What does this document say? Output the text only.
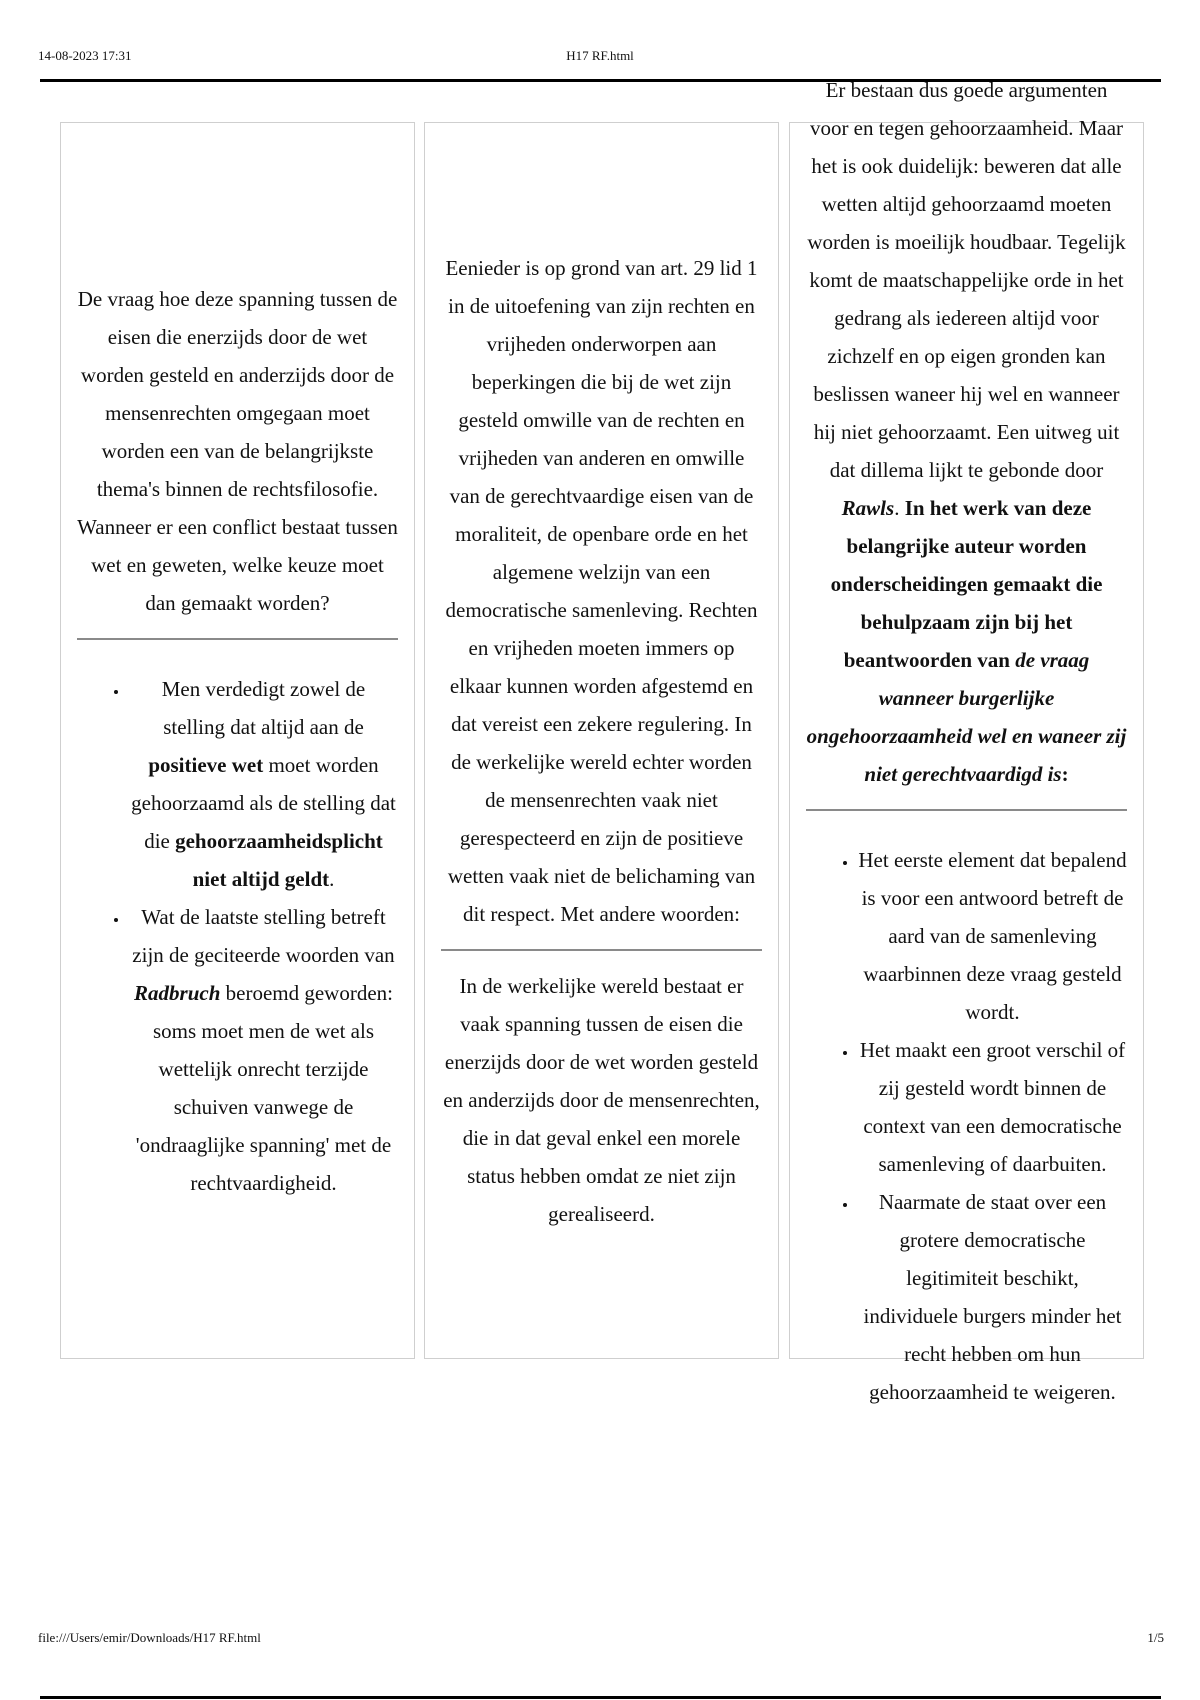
14-08-2023 17:31	H17 RF.html

De vraag hoe deze spanning tussen de eisen die enerzijds door de wet worden gesteld en anderzijds door de mensenrechten omgegaan moet worden een van de belangrijkste thema's binnen de rechtsfilosofie. Wanneer er een conflict bestaat tussen wet en geweten, welke keuze moet dan gemaakt worden?

• Men verdedigt zowel de stelling dat altijd aan de positieve wet moet worden gehoorzaamd als de stelling dat die gehoorzaamheidsplicht niet altijd geldt.
• Wat de laatste stelling betreft zijn de geciteerde woorden van Radbruch beroemd geworden: soms moet men de wet als wettelijk onrecht terzijde schuiven vanwege de 'ondraaglijke spanning' met de rechtvaardigheid.

Eenieder is op grond van art. 29 lid 1 in de uitoefening van zijn rechten en vrijheden onderworpen aan beperkingen die bij de wet zijn gesteld omwille van de rechten en vrijheden van anderen en omwille van de gerechtvaardige eisen van de moraliteit, de openbare orde en het algemene welzijn van een democratische samenleving. Rechten en vrijheden moeten immers op elkaar kunnen worden afgestemd en dat vereist een zekere regulering. In de werkelijke wereld echter worden de mensenrechten vaak niet gerespecteerd en zijn de positieve wetten vaak niet de belichaming van dit respect. Met andere woorden:

In de werkelijke wereld bestaat er vaak spanning tussen de eisen die enerzijds door de wet worden gesteld en anderzijds door de mensenrechten, die in dat geval enkel een morele status hebben omdat ze niet zijn gerealiseerd.

Er bestaan dus goede argumenten voor en tegen gehoorzaamheid. Maar het is ook duidelijk: beweren dat alle wetten altijd gehoorzaamd moeten worden is moeilijk houdbaar. Tegelijk komt de maatschappelijke orde in het gedrang als iedereen altijd voor zichzelf en op eigen gronden kan beslissen waneer hij wel en wanneer hij niet gehoorzaamt. Een uitweg uit dat dillema lijkt te gebonde door Rawls. In het werk van deze belangrijke auteur worden onderscheidingen gemaakt die behulpzaam zijn bij het beantwoorden van de vraag wanneer burgerlijke ongehoorzaamheid wel en waneer zij niet gerechtvaardigd is:

• Het eerste element dat bepalend is voor een antwoord betreft de aard van de samenleving waarbinnen deze vraag gesteld wordt.
• Het maakt een groot verschil of zij gesteld wordt binnen de context van een democratische samenleving of daarbuiten.
• Naarmate de staat over een grotere democratische legitimiteit beschikt, individuele burgers minder het recht hebben om hun gehoorzaamheid te weigeren.
file:///Users/emir/Downloads/H17 RF.html	1/5
